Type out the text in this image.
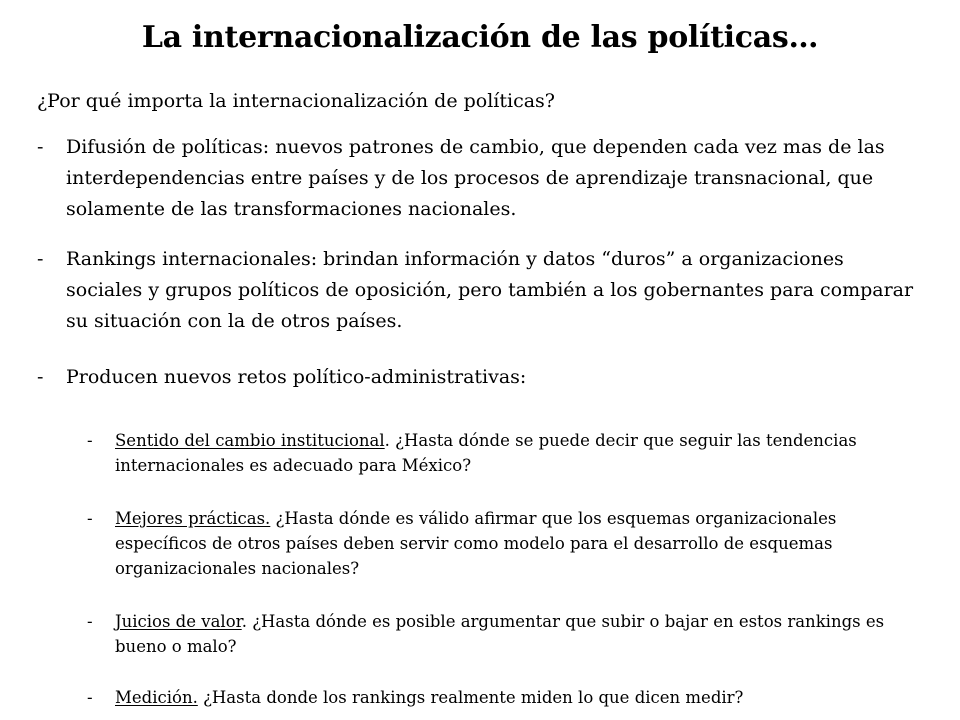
La internacionalización de las políticas…

¿Por qué importa la internacionalización de políticas?

- Difusión de políticas: nuevos patrones de cambio, que dependen cada vez mas de las interdependencias entre países y de los procesos de aprendizaje transnacional, que solamente de las transformaciones nacionales.
- Rankings internacionales: brindan información y datos “duros” a organizaciones sociales y grupos políticos de oposición, pero también a los gobernantes para comparar su situación con la de otros países.
- Producen nuevos retos político-administrativas:
- Sentido del cambio institucional. ¿Hasta dónde se puede decir que seguir las tendencias internacionales es adecuado para México?
- Mejores prácticas. ¿Hasta dónde es válido afirmar que los esquemas organizacionales específicos de otros países deben servir como modelo para el desarrollo de esquemas organizacionales nacionales?
- Juicios de valor. ¿Hasta dónde es posible argumentar que subir o bajar en estos rankings es bueno o malo?
- Medición. ¿Hasta donde los rankings realmente miden lo que dicen medir?
